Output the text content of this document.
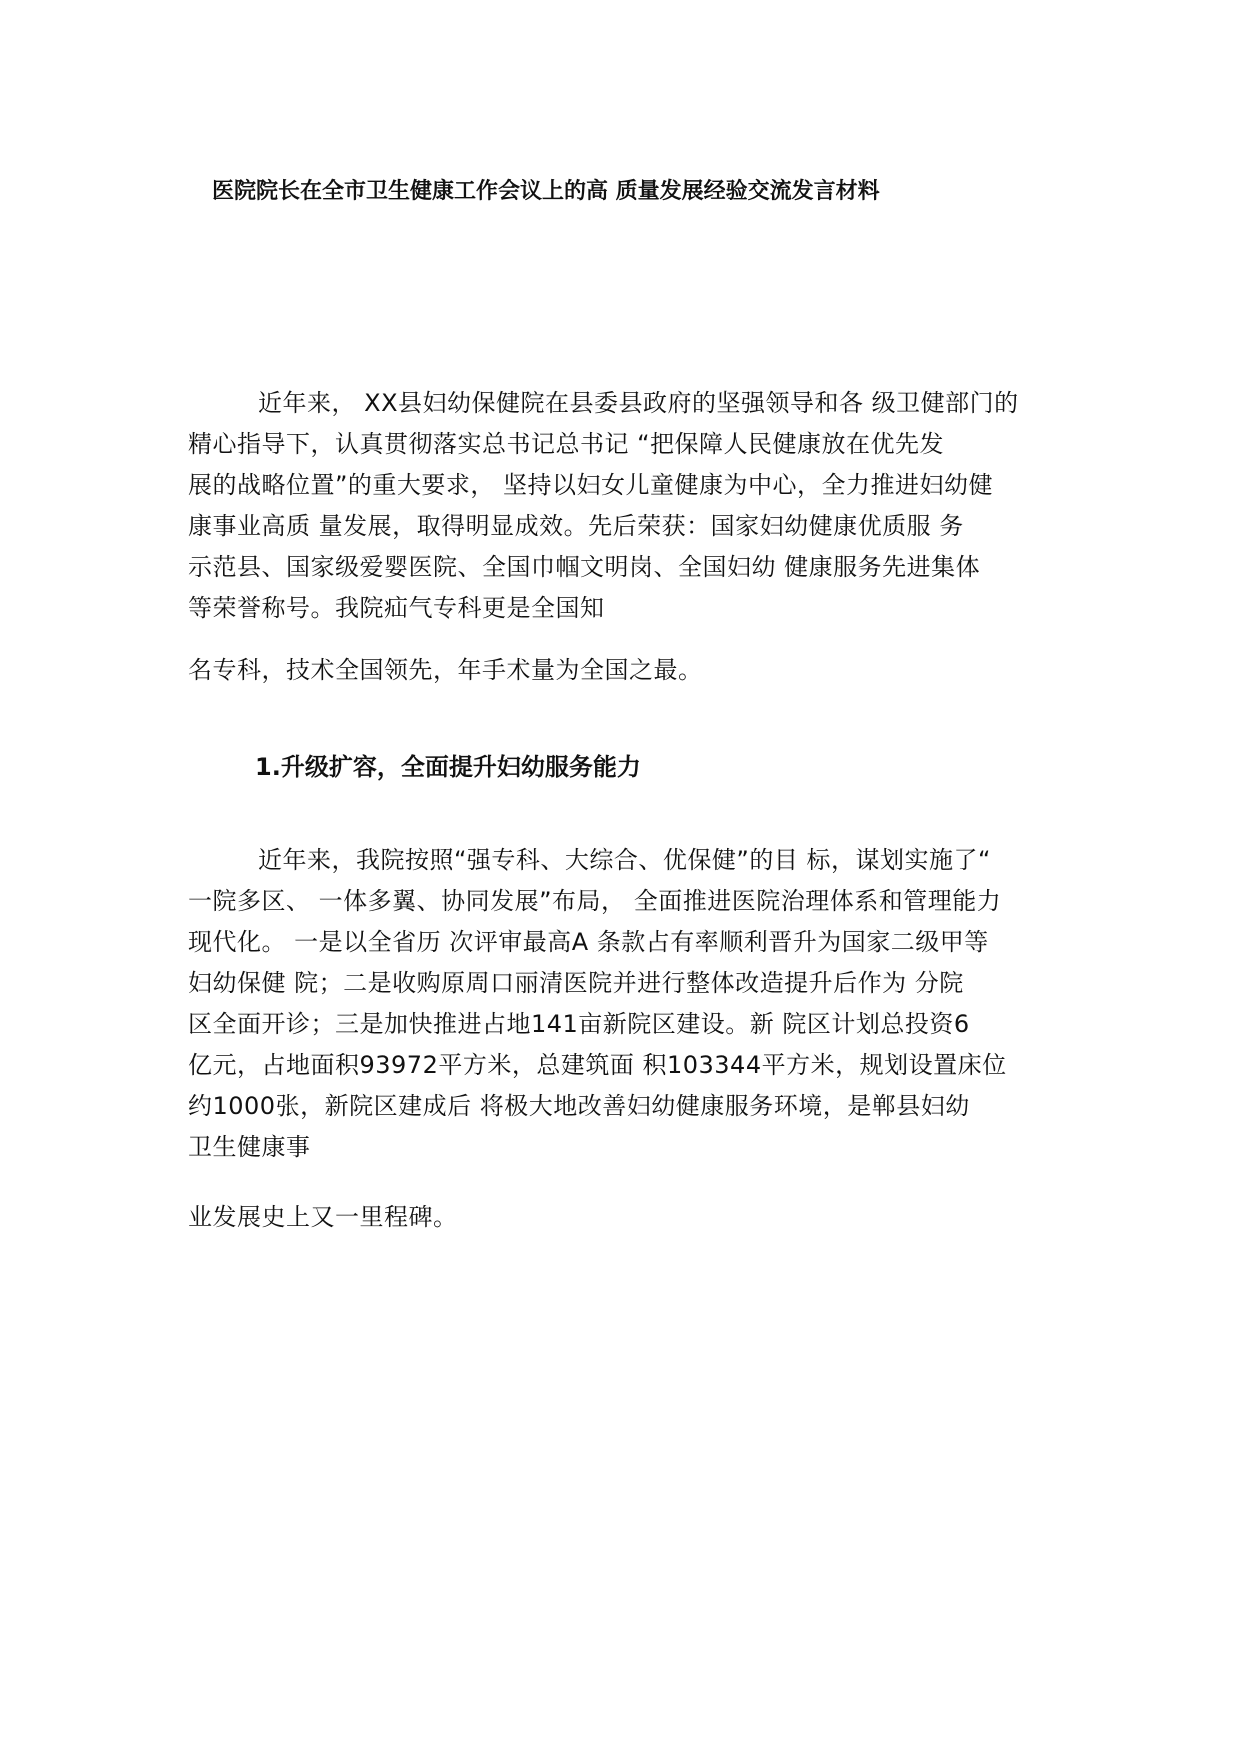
医院院长在全市卫生健康工作会议上的高 质量发展经验交流发言材料

近年来， XX县妇幼保健院在县委县政府的坚强领导和各 级卫健部门的
精心指导下，认真贯彻落实总书记总书记 “把保障人民健康放在优先发
展的战略位置”的重大要求， 坚持以妇女儿童健康为中心，全力推进妇幼健
康事业高质 量发展，取得明显成效。先后荣获：国家妇幼健康优质服 务
示范县、国家级爱婴医院、全国巾帼文明岗、全国妇幼 健康服务先进集体
等荣誉称号。我院疝气专科更是全国知

名专科，技术全国领先，年手术量为全国之最。

1.升级扩容，全面提升妇幼服务能力

近年来，我院按照“强专科、大综合、优保健”的目 标，谋划实施了“
一院多区、 一体多翼、协同发展”布局， 全面推进医院治理体系和管理能力
现代化。 一是以全省历 次评审最高A 条款占有率顺利晋升为国家二级甲等
妇幼保健 院；二是收购原周口丽清医院并进行整体改造提升后作为 分院
区全面开诊；三是加快推进占地141亩新院区建设。新 院区计划总投资6
亿元，占地面积93972平方米，总建筑面 积103344平方米，规划设置床位
约1000张，新院区建成后 将极大地改善妇幼健康服务环境，是郸县妇幼
卫生健康事

业发展史上又一里程碑。
